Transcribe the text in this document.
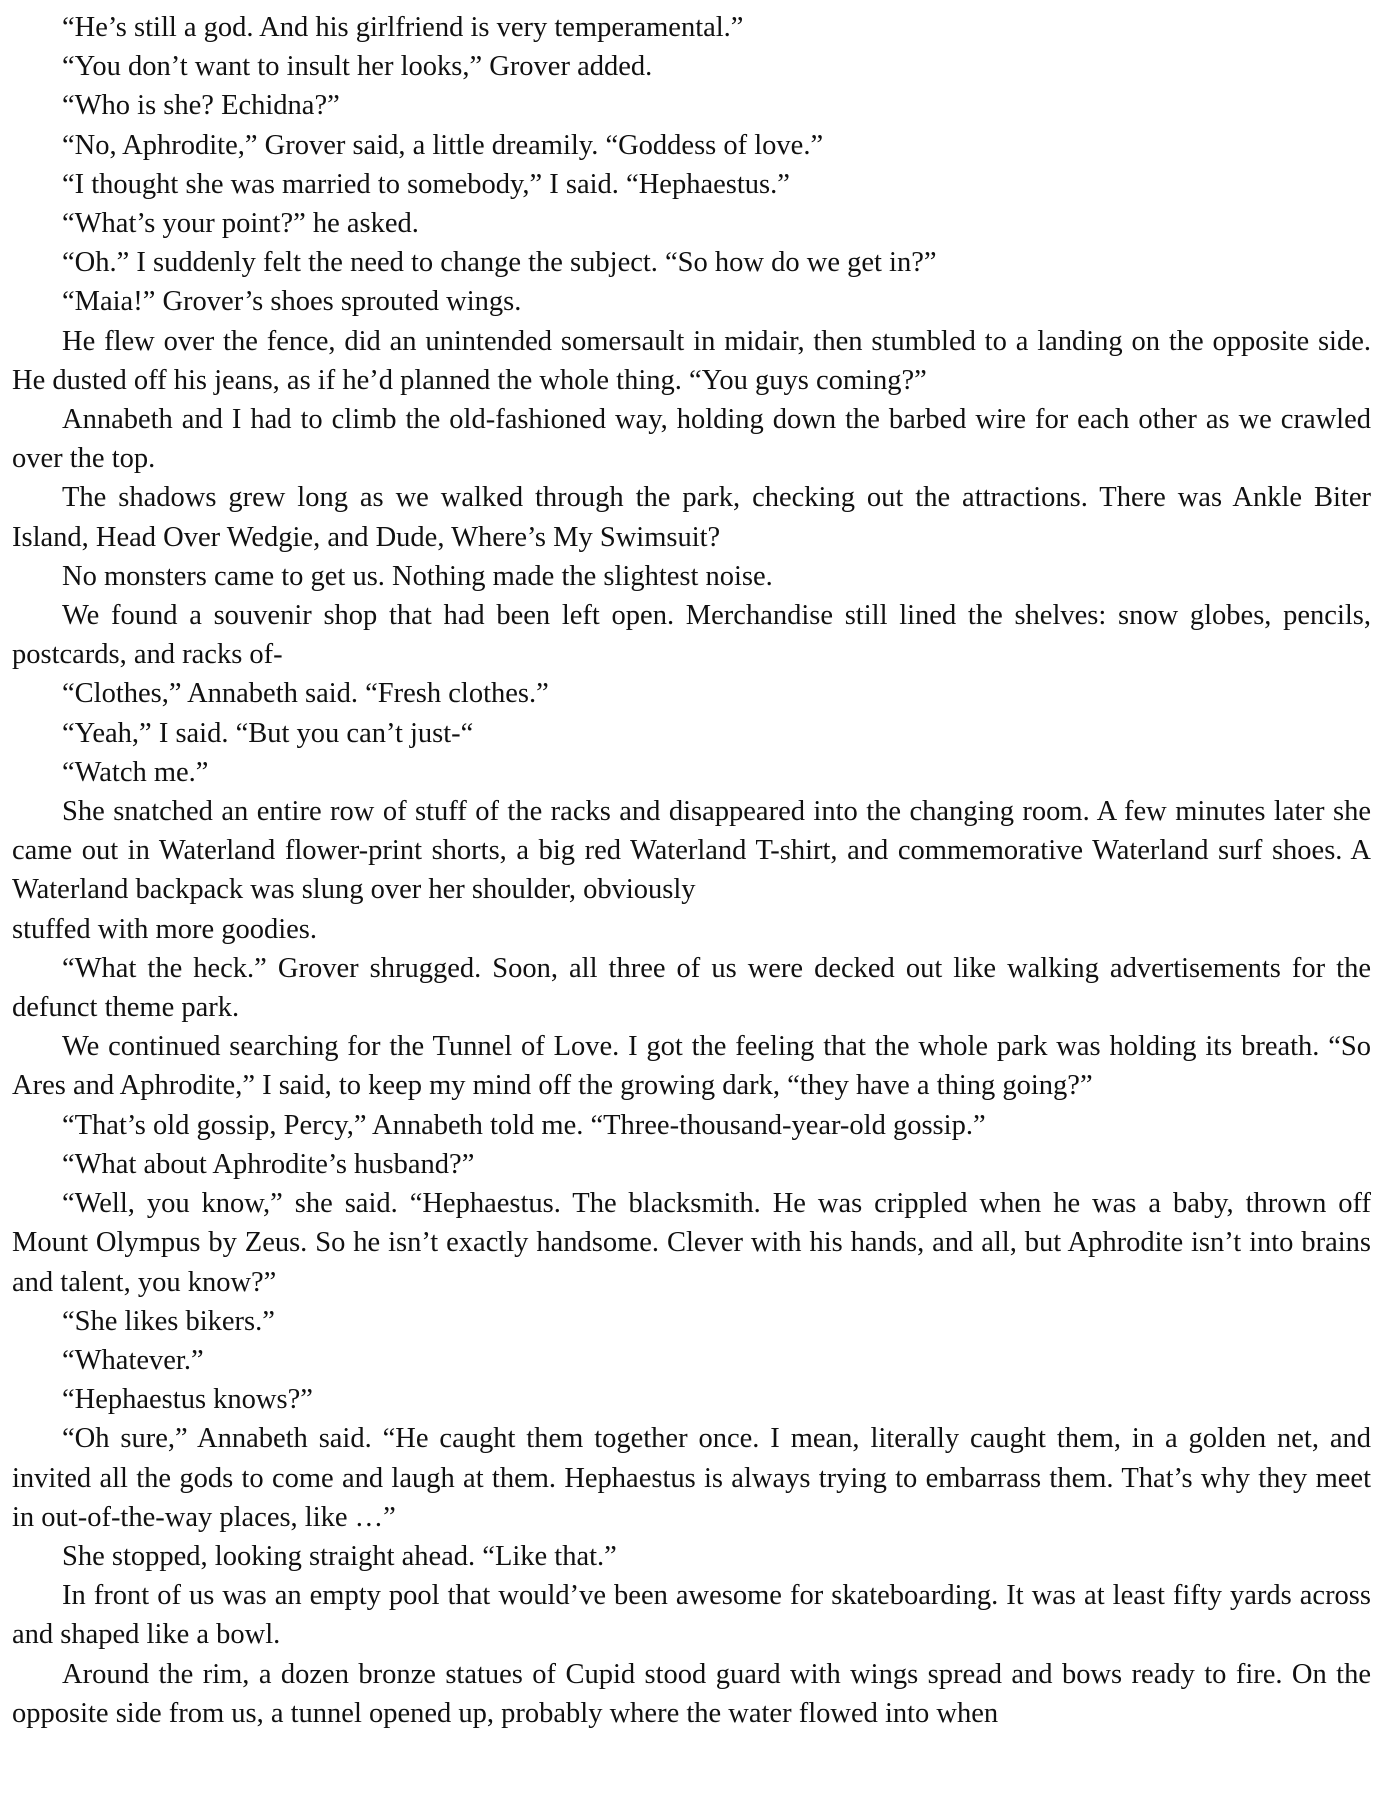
“He’s still a god. And his girlfriend is very temperamental.”

“You don’t want to insult her looks,” Grover added.

“Who is she? Echidna?”

“No, Aphrodite,” Grover said, a little dreamily. “Goddess of love.”

“I thought she was married to somebody,” I said. “Hephaestus.”

“What’s your point?” he asked.

“Oh.” I suddenly felt the need to change the subject. “So how do we get in?”

“Maia!” Grover’s shoes sprouted wings.

He flew over the fence, did an unintended somersault in midair, then stumbled to a landing on the opposite side. He dusted off his jeans, as if he’d planned the whole thing. “You guys coming?”

Annabeth and I had to climb the old-fashioned way, holding down the barbed wire for each other as we crawled over the top.

The shadows grew long as we walked through the park, checking out the attractions. There was Ankle Biter Island, Head Over Wedgie, and Dude, Where’s My Swimsuit?

No monsters came to get us. Nothing made the slightest noise.

We found a souvenir shop that had been left open. Merchandise still lined the shelves: snow globes, pencils, postcards, and racks of-

“Clothes,” Annabeth said. “Fresh clothes.”

“Yeah,” I said. “But you can’t just-“

“Watch me.”

She snatched an entire row of stuff of the racks and disappeared into the changing room. A few minutes later she came out in Waterland flower-print shorts, a big red Waterland T-shirt, and commemorative Waterland surf shoes. A Waterland backpack was slung over her shoulder, obviously
stuffed with more goodies.

“What the heck.” Grover shrugged. Soon, all three of us were decked out like walking advertisements for the defunct theme park.

We continued searching for the Tunnel of Love. I got the feeling that the whole park was holding its breath. “So Ares and Aphrodite,” I said, to keep my mind off the growing dark, “they have a thing going?”

“That’s old gossip, Percy,” Annabeth told me. “Three-thousand-year-old gossip.”

“What about Aphrodite’s husband?”

“Well, you know,” she said. “Hephaestus. The blacksmith. He was crippled when he was a baby, thrown off Mount Olympus by Zeus. So he isn’t exactly handsome. Clever with his hands, and all, but Aphrodite isn’t into brains and talent, you know?”

“She likes bikers.”

“Whatever.”

“Hephaestus knows?”

“Oh sure,” Annabeth said. “He caught them together once. I mean, literally caught them, in a golden net, and invited all the gods to come and laugh at them. Hephaestus is always trying to embarrass them. That’s why they meet in out-of-the-way places, like …”

She stopped, looking straight ahead. “Like that.”

In front of us was an empty pool that would’ve been awesome for skateboarding. It was at least fifty yards across and shaped like a bowl.

Around the rim, a dozen bronze statues of Cupid stood guard with wings spread and bows ready to fire. On the opposite side from us, a tunnel opened up, probably where the water flowed into when
